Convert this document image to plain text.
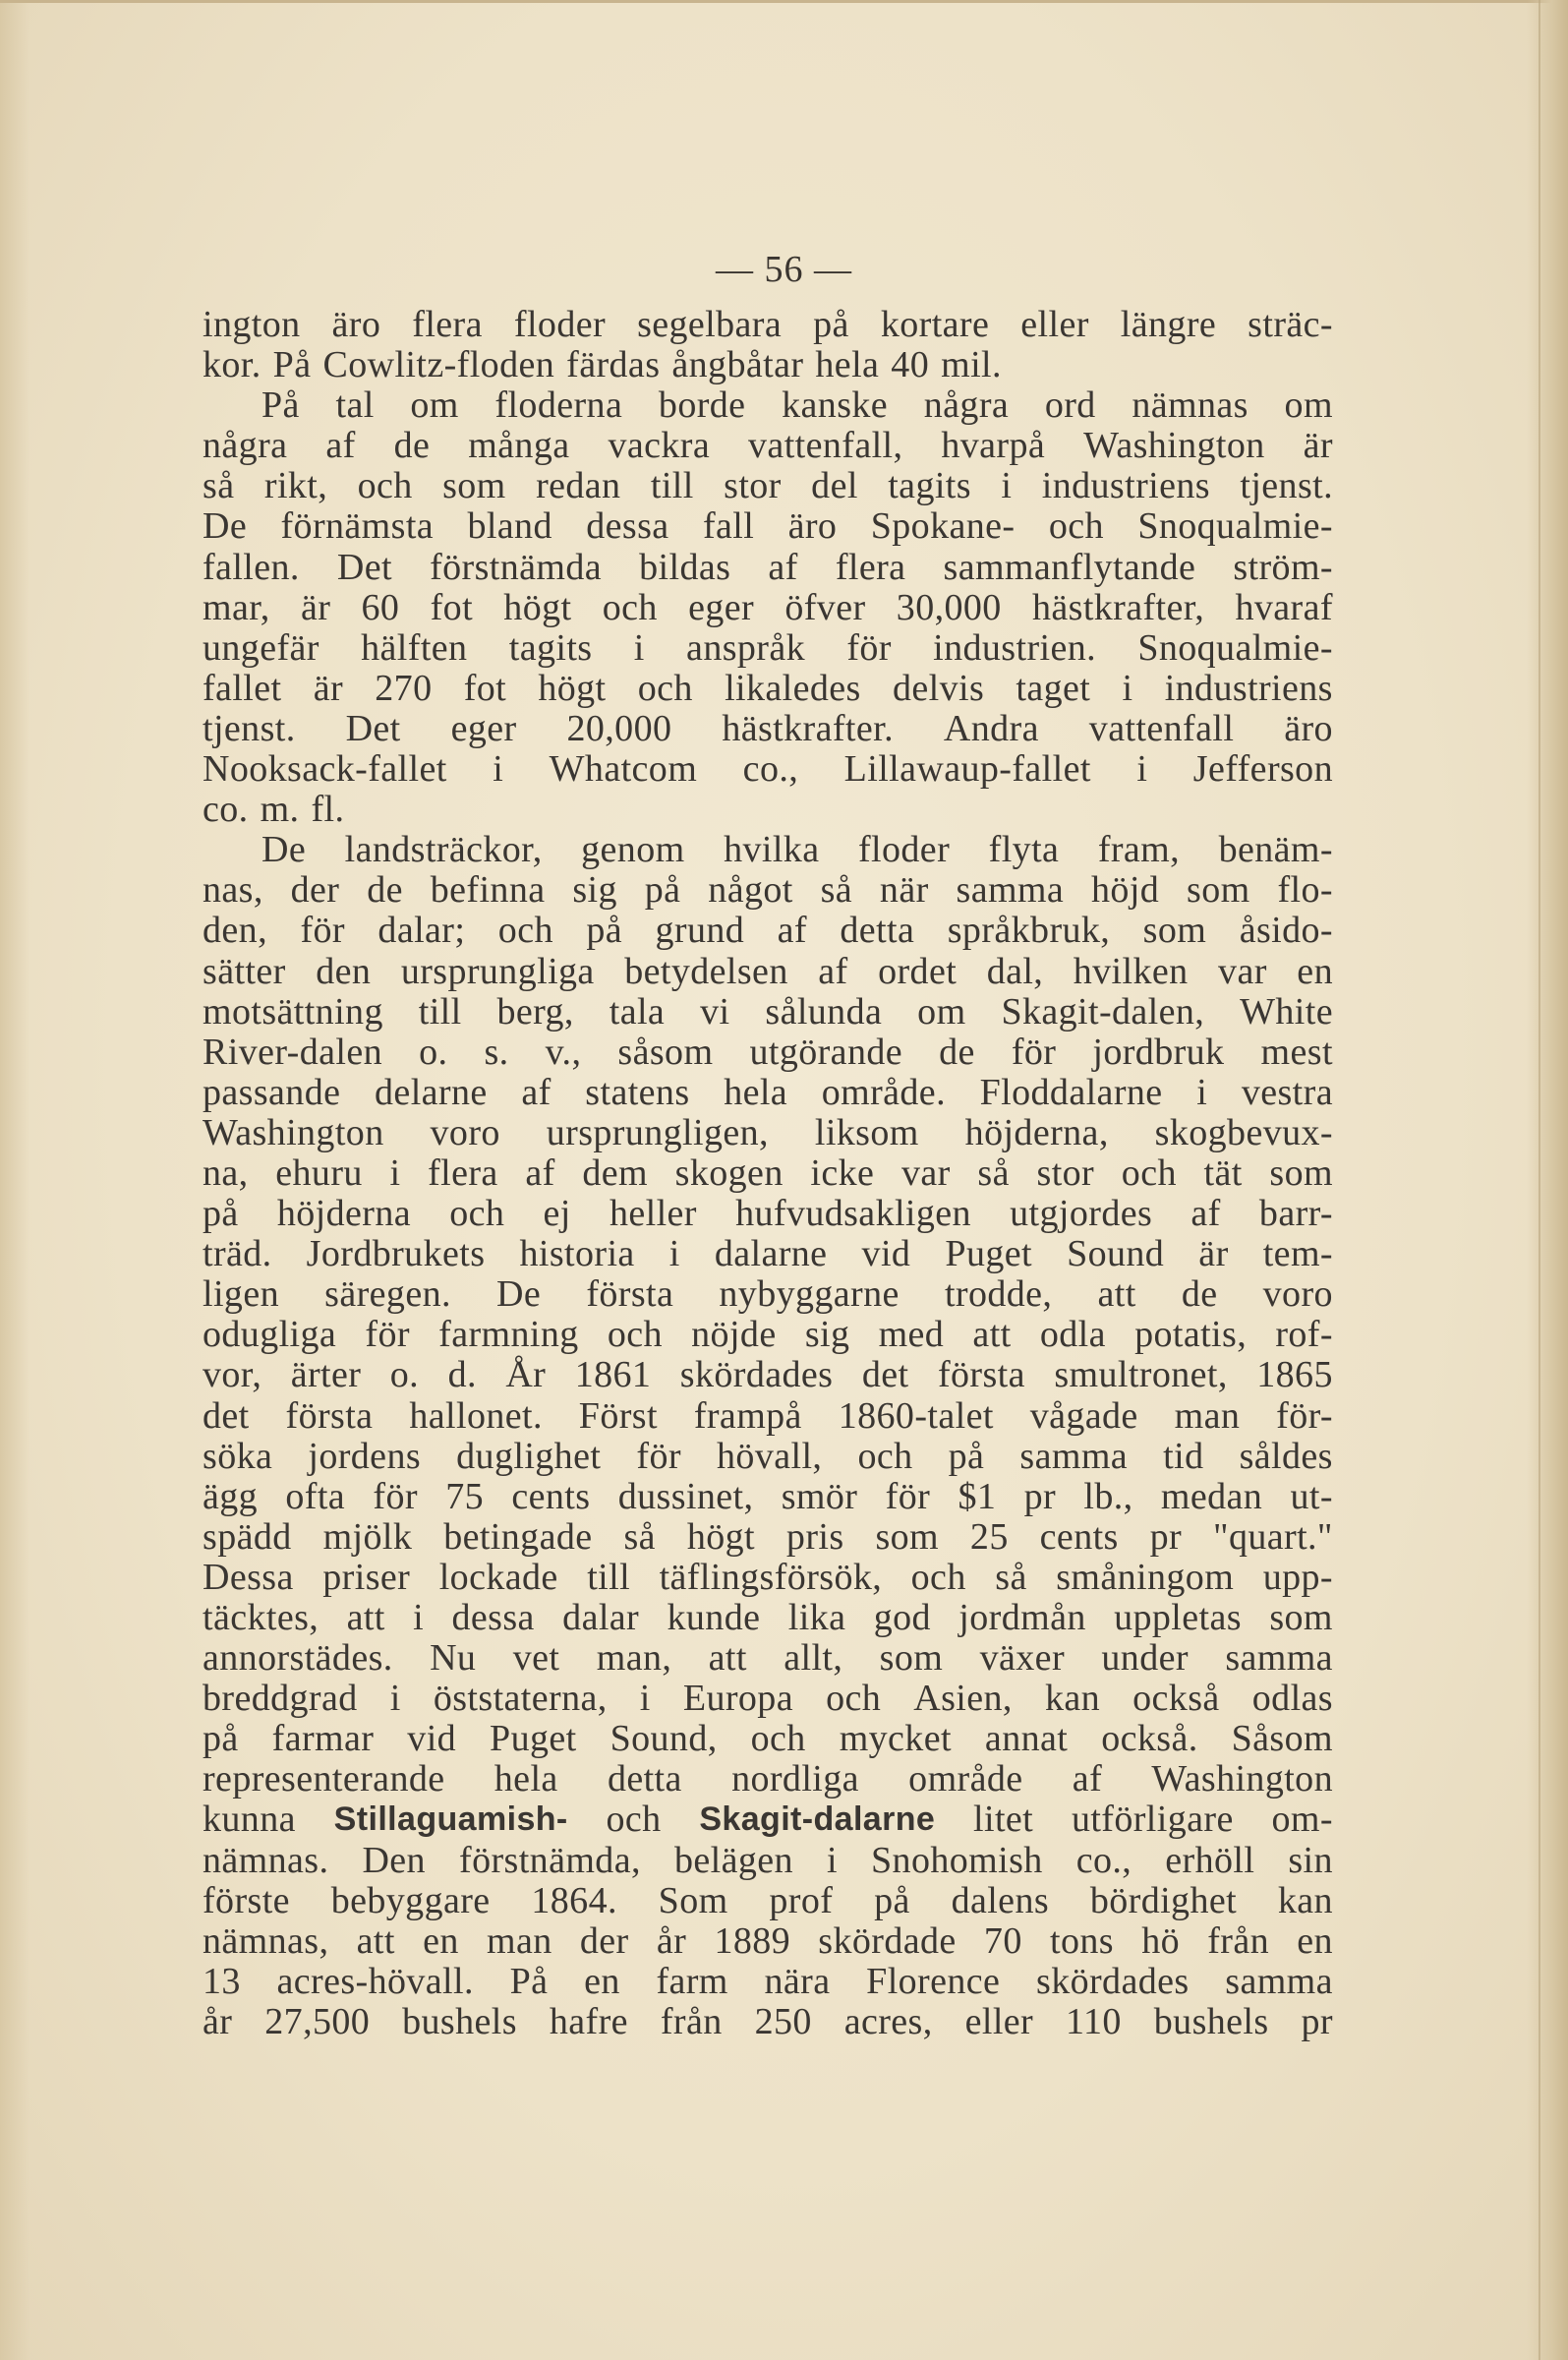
— 56 —
ington äro flera floder segelbara på kortare eller längre sträc-
kor. På Cowlitz-floden färdas ångbåtar hela 40 mil.
På tal om floderna borde kanske några ord nämnas om
några af de många vackra vattenfall, hvarpå Washington är
så rikt, och som redan till stor del tagits i industriens tjenst.
De förnämsta bland dessa fall äro Spokane- och Snoqualmie-
fallen. Det förstnämda bildas af flera sammanflytande ström-
mar, är 60 fot högt och eger öfver 30,000 hästkrafter, hvaraf
ungefär hälften tagits i anspråk för industrien. Snoqualmie-
fallet är 270 fot högt och likaledes delvis taget i industriens
tjenst. Det eger 20,000 hästkrafter. Andra vattenfall äro
Nooksack-fallet i Whatcom co., Lillawaup-fallet i Jefferson
co. m. fl.
De landsträckor, genom hvilka floder flyta fram, benäm-
nas, der de befinna sig på något så när samma höjd som flo-
den, för dalar; och på grund af detta språkbruk, som åsido-
sätter den ursprungliga betydelsen af ordet dal, hvilken var en
motsättning till berg, tala vi sålunda om Skagit-dalen, White
River-dalen o. s. v., såsom utgörande de för jordbruk mest
passande delarne af statens hela område. Floddalarne i vestra
Washington voro ursprungligen, liksom höjderna, skogbevux-
na, ehuru i flera af dem skogen icke var så stor och tät som
på höjderna och ej heller hufvudsakligen utgjordes af barr-
träd. Jordbrukets historia i dalarne vid Puget Sound är tem-
ligen säregen. De första nybyggarne trodde, att de voro
odugliga för farmning och nöjde sig med att odla potatis, rof-
vor, ärter o. d. År 1861 skördades det första smultronet, 1865
det första hallonet. Först frampå 1860-talet vågade man för-
söka jordens duglighet för hövall, och på samma tid såldes
ägg ofta för 75 cents dussinet, smör för $1 pr lb., medan ut-
spädd mjölk betingade så högt pris som 25 cents pr "quart."
Dessa priser lockade till täflingsförsök, och så småningom upp-
täcktes, att i dessa dalar kunde lika god jordmån uppletas som
annorstädes. Nu vet man, att allt, som växer under samma
breddgrad i öststaterna, i Europa och Asien, kan också odlas
på farmar vid Puget Sound, och mycket annat också. Såsom
representerande hela detta nordliga område af Washington
kunna Stillaguamish- och Skagit-dalarne litet utförligare om-
nämnas. Den förstnämda, belägen i Snohomish co., erhöll sin
förste bebyggare 1864. Som prof på dalens bördighet kan
nämnas, att en man der år 1889 skördade 70 tons hö från en
13 acres-hövall. På en farm nära Florence skördades samma
år 27,500 bushels hafre från 250 acres, eller 110 bushels pr
